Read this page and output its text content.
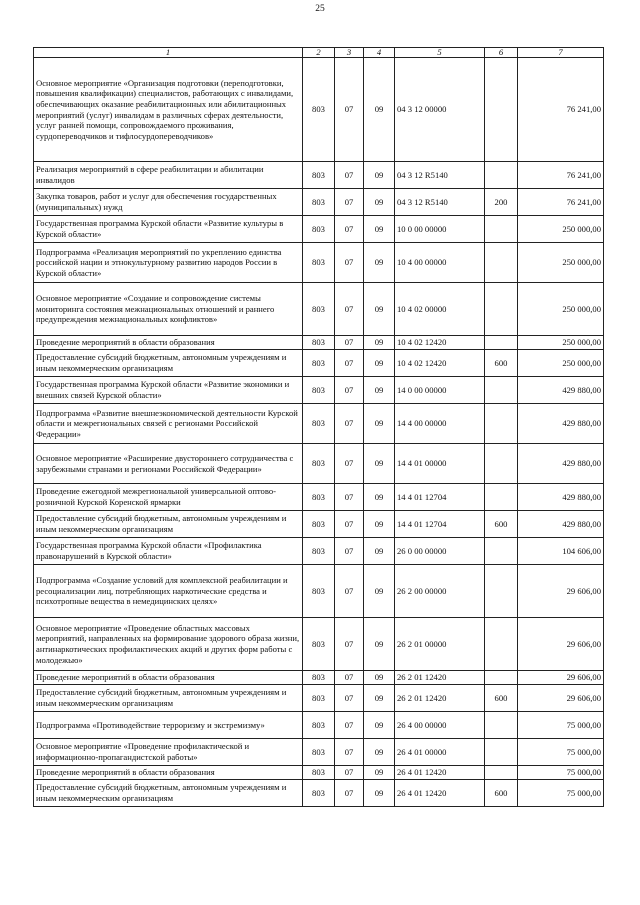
25
1	2	3	4	5	6	7
Основное мероприятие «Организация подготовки (переподготовки, повышения квалификации) специалистов, работающих с инвалидами, обеспечивающих оказание реабилитационных или абилитационных мероприятий (услуг) инвалидам в различных сферах деятельности, услуг ранней помощи, сопровождаемого проживания, сурдопереводчиков и тифлосурдопереводчиков»	803	07	09	04 3 12 00000		76 241,00
Реализация мероприятий в сфере реабилитации и абилитации инвалидов	803	07	09	04 3 12 R5140		76 241,00
Закупка товаров, работ и услуг для обеспечения государственных (муниципальных) нужд	803	07	09	04 3 12 R5140	200	76 241,00
Государственная программа Курской области «Развитие культуры в Курской области»	803	07	09	10 0 00 00000		250 000,00
Подпрограмма «Реализация мероприятий по укреплению единства российской нации и этнокультурному развитию народов России в Курской области»	803	07	09	10 4 00 00000		250 000,00
Основное мероприятие «Создание и сопровождение системы мониторинга состояния межнациональных отношений и раннего предупреждения межнациональных конфликтов»	803	07	09	10 4 02 00000		250 000,00
Проведение мероприятий в области образования	803	07	09	10 4 02 12420		250 000,00
Предоставление субсидий бюджетным, автономным учреждениям и иным некоммерческим организациям	803	07	09	10 4 02 12420	600	250 000,00
Государственная программа Курской области «Развитие экономики и внешних связей Курской области»	803	07	09	14 0 00 00000		429 880,00
Подпрограмма «Развитие внешнеэкономической деятельности Курской области и межрегиональных связей с регионами Российской Федерации»	803	07	09	14 4 00 00000		429 880,00
Основное мероприятие «Расширение двустороннего сотрудничества с зарубежными странами и регионами Российской Федерации»	803	07	09	14 4 01 00000		429 880,00
Проведение ежегодной межрегиональной универсальной оптово-розничной Курской Коренской ярмарки	803	07	09	14 4 01 12704		429 880,00
Предоставление субсидий бюджетным, автономным учреждениям и иным некоммерческим организациям	803	07	09	14 4 01 12704	600	429 880,00
Государственная программа Курской области «Профилактика правонарушений в Курской области»	803	07	09	26 0 00 00000		104 606,00
Подпрограмма «Создание условий для комплексной реабилитации и ресоциализации лиц, потребляющих наркотические средства и психотропные вещества в немедицинских целях»	803	07	09	26 2 00 00000		29 606,00
Основное мероприятие «Проведение областных массовых мероприятий, направленных на формирование здорового образа жизни, антинаркотических профилактических акций и других форм работы с молодежью»	803	07	09	26 2 01 00000		29 606,00
Проведение мероприятий в области образования	803	07	09	26 2 01 12420		29 606,00
Предоставление субсидий бюджетным, автономным учреждениям и иным некоммерческим организациям	803	07	09	26 2 01 12420	600	29 606,00
Подпрограмма «Противодействие терроризму и экстремизму»	803	07	09	26 4 00 00000		75 000,00
Основное мероприятие «Проведение профилактической и информационно-пропагандистской работы»	803	07	09	26 4 01 00000		75 000,00
Проведение мероприятий в области образования	803	07	09	26 4 01 12420		75 000,00
Предоставление субсидий бюджетным, автономным учреждениям и иным некоммерческим организациям	803	07	09	26 4 01 12420	600	75 000,00
